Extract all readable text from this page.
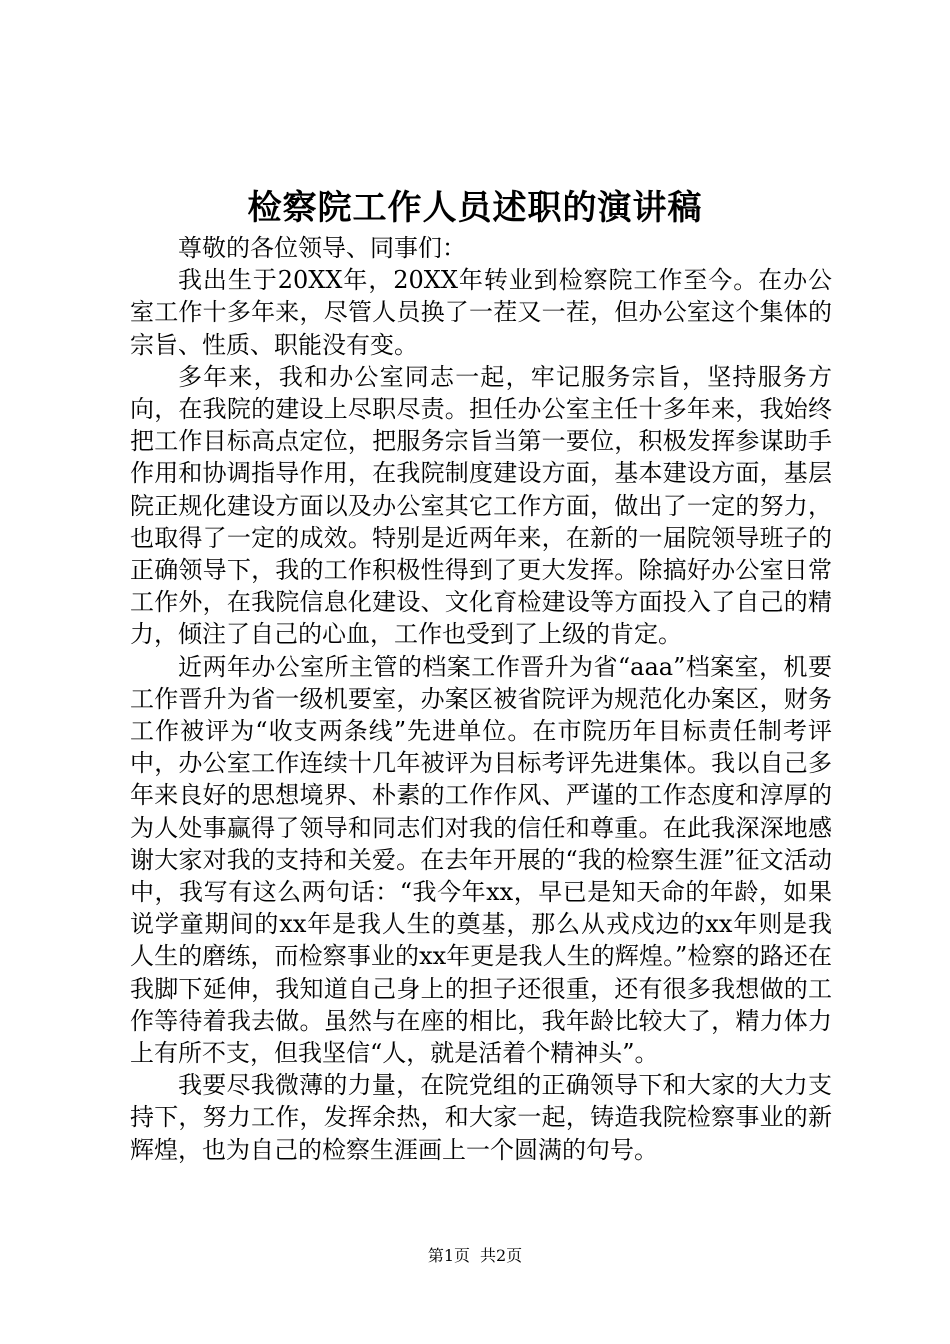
检察院工作人员述职的演讲稿

尊敬的各位领导、同事们：

我出生于20XX年，20XX年转业到检察院工作至今。在办公室工作十多年来，尽管人员换了一茬又一茬，但办公室这个集体的宗旨、性质、职能没有变。

多年来，我和办公室同志一起，牢记服务宗旨，坚持服务方向，在我院的建设上尽职尽责。担任办公室主任十多年来，我始终把工作目标高点定位，把服务宗旨当第一要位，积极发挥参谋助手作用和协调指导作用，在我院制度建设方面，基本建设方面，基层院正规化建设方面以及办公室其它工作方面，做出了一定的努力，也取得了一定的成效。特别是近两年来，在新的一届院领导班子的正确领导下，我的工作积极性得到了更大发挥。除搞好办公室日常工作外，在我院信息化建设、文化育检建设等方面投入了自己的精力，倾注了自己的心血，工作也受到了上级的肯定。

近两年办公室所主管的档案工作晋升为省“aaa”档案室，机要工作晋升为省一级机要室，办案区被省院评为规范化办案区，财务工作被评为“收支两条线”先进单位。在市院历年目标责任制考评中，办公室工作连续十几年被评为目标考评先进集体。我以自己多年来良好的思想境界、朴素的工作作风、严谨的工作态度和淳厚的为人处事赢得了领导和同志们对我的信任和尊重。在此我深深地感谢大家对我的支持和关爱。在去年开展的“我的检察生涯”征文活动中，我写有这么两句话：“我今年xx，早已是知天命的年龄，如果说学童期间的xx年是我人生的奠基，那么从戎戍边的xx年则是我人生的磨练，而检察事业的xx年更是我人生的辉煌。”检察的路还在我脚下延伸，我知道自己身上的担子还很重，还有很多我想做的工作等待着我去做。虽然与在座的相比，我年龄比较大了，精力体力上有所不支，但我坚信“人，就是活着个精神头”。

我要尽我微薄的力量，在院党组的正确领导下和大家的大力支持下，努力工作，发挥余热，和大家一起，铸造我院检察事业的新辉煌，也为自己的检察生涯画上一个圆满的句号。

第1页 共2页
